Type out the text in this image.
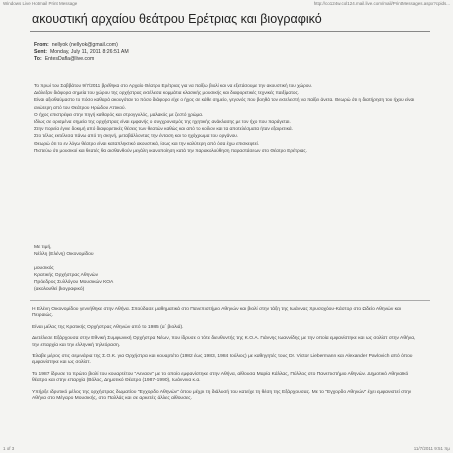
Windows Live Hotmail Print Message	http://co124w.col124.mail.live.com/mail/PrintMessages.aspx?cpids...
ακουστική αρχαίου θεάτρου Ερέτριας και βιογραφικό
From: nellyok (nellyok@gmail.com)
Sent: Monday, July 11, 2011 8:26:51 AM
To: EntesDafla@live.com

Το πρωί του Σαββάτου 9/7/2011 βρέθηκα στο Αρχαίο Θέατρο Ερέτριας για να παίξω βιολί και να εξετάσουμε την ακουστική του χώρου.

Διάλεξαν διάφορα σημεία του χώρου της ορχήστρας εκτέλεσα κομμάτια κλασικής μουσικής και διαφορετικές τεχνικές παιξίματος.

Είναι αξιοθαύμαστο το πόσο καθαρά ακουγόταν το πόσο διάφορο είχε ο ήχος σε κάθε σημείο, γεγονός που βοηθά τον εκτελεστή να παίξει άνετα. Θεωρώ ότι η διατήρηση του ήχου είναι ανώτερη από του Θεάτρου Ηρώδου Αττικού.

Ο ήχος επιστρέφει στην πηγή καθαρός και στρογγυλός, μαλακός με ζεστό χρώμα.

Ιδίως σε ορισμένα σημεία της ορχήστρας είναι εμφανής ο συγχρονισμός της ηχητικής ανάκλασης με τον ήχο που παράγεται.

Στην πορεία έγινε δοκιμή από διαφορετικές θέσεις των θεατών καθώς και από το κοίλον και τα αποτελέσματα ήταν εξαιρετικά.

Στο τέλος εκτέλεσα πάνω από τη σκηνή, μεταβάλλοντας την ένταση και το ηχόχρωμα του οργάνου.

Θεωρώ ότι το εν λόγω θέατρο είναι καταπληκτικό ακουστικά, ίσως και την καλύτερη από όσα έχω επισκεφτεί.

Πιστεύω ότι μουσικοί και θεατές θα αισθανθούν μεγάλη ικανοποίηση κατά την παρακολούθηση παραστάσεων στο Θέατρο Ερέτριας.

Με τιμή,

Νέλλη (Ελένη) Οικονομίδου

μουσικός

Κρατικής Ορχήστρας Αθηνών

Πρόεδρος Συλλόγου Μουσικών ΚΟΑ

(ακολουθεί βιογραφικό)

Η Ελένη Οικονομίδου γεννήθηκε στην Αθήνα. Σπούδασε μαθηματικά στο Πανεπιστήμιο Αθηνών και βιολί στην τάξη της Ιωάννας Χρυσοχόου-Κάστορ στο Ωδείο Αθηνών και Πειραιώς.

Είναι μέλος της Κρατικής Ορχήστρας Αθηνών από το 1985 (α΄ βιολιά).

Διετέλεσε Εξάρχουσα στην Εθνική Συμφωνική Ορχήστρα Νέων, που ίδρυσε ο τότε διευθυντής της Κ.Ο.Α. Γιάννης Ιωαννίδης με την οποία εμφανίστηκε και ως σολίστ στην Αθήνα, την επαρχία και την ελληνική τηλεόραση.

Έλαβε μέρος στις σεμινάρια της Σ.Ο.Κ. για Ορχήστρα και κουαρτέτο (1982 έως 1983, 1984 Ιούλιος) με καθηγητές τους Dr. Victor Liebermann και Alexander Pavlovich από όπου εμφανίστηκε και ως σολίστ.

Το 1987 ίδρυσε το πρώτο βιολί του κουαρτέτου "Aεναον" με το οποίο εμφανίστηκε στην Αθήνα, αίθουσα Μαρία Κάλλας, Πύλλος στο Πανεπιστήμιο Αθηνών. Δημοτικό Αθηναϊκό θέατρο και στην επαρχία (Βόλος, Δημοτικό Θέατρο (1987-1990), Ιωάννινα κ.α.

Υπήρξε ιδρυτικό μέλος της ορχήστρας δωματίου "Εγχορδο Αθηνών" όπου μέχρι τη διάλυσή του κατείχε τη θέση της Εξάρχουσας. Με το "Εγχορδο Αθηνών" έχει εμφανιστεί στην Αθήνα στο Μέγαρο Μουσικής, στο Παλλάς και σε αρκετές άλλες αίθουσες.

1 of 3	11/7/2011 9:51 πμ
